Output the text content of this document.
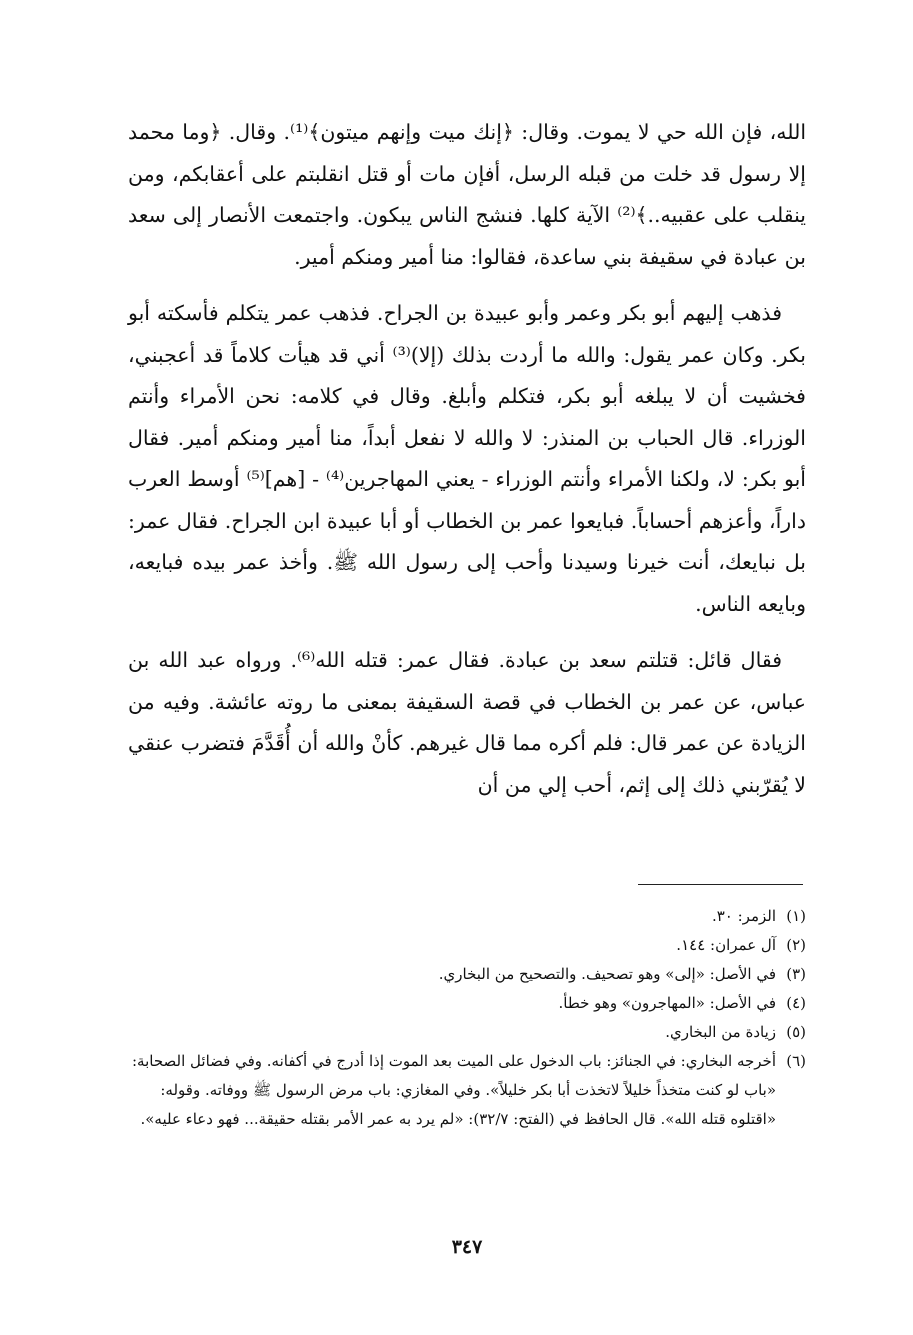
الله، فإن الله حي لا يموت. وقال: ﴿إنك ميت وإنهم ميتون﴾⁽¹⁾. وقال. ﴿وما محمد إلا رسول قد خلت من قبله الرسل، أفإن مات أو قتل انقلبتم على أعقابكم، ومن ينقلب على عقبيه..﴾⁽²⁾ الآية كلها. فنشج الناس يبكون. واجتمعت الأنصار إلى سعد بن عبادة في سقيفة بني ساعدة، فقالوا: منا أمير ومنكم أمير.

فذهب إليهم أبو بكر وعمر وأبو عبيدة بن الجراح. فذهب عمر يتكلم فأسكته أبو بكر. وكان عمر يقول: والله ما أردت بذلك (إلا)⁽³⁾ أني قد هيأت كلاماً قد أعجبني، فخشيت أن لا يبلغه أبو بكر، فتكلم وأبلغ. وقال في كلامه: نحن الأمراء وأنتم الوزراء. قال الحباب بن المنذر: لا والله لا نفعل أبداً، منا أمير ومنكم أمير. فقال أبو بكر: لا، ولكنا الأمراء وأنتم الوزراء - يعني المهاجرين⁽⁴⁾ - [هم]⁽⁵⁾ أوسط العرب داراً، وأعزهم أحساباً. فبايعوا عمر بن الخطاب أو أبا عبيدة ابن الجراح. فقال عمر: بل نبايعك، أنت خيرنا وسيدنا وأحب إلى رسول الله ﷺ. وأخذ عمر بيده فبايعه، وبايعه الناس.

فقال قائل: قتلتم سعد بن عبادة. فقال عمر: قتله الله⁽⁶⁾. ورواه عبد الله بن عباس، عن عمر بن الخطاب في قصة السقيفة بمعنى ما روته عائشة. وفيه من الزيادة عن عمر قال: فلم أكره مما قال غيرهم. كأنْ والله أن أُقَدَّمَ فتضرب عنقي لا يُقرّبني ذلك إلى إثم، أحب إلي من أن

(١)
الزمر: ٣٠.
(٢)
آل عمران: ١٤٤.
(٣)
في الأصل: «إلى» وهو تصحيف. والتصحيح من البخاري.
(٤)
في الأصل: «المهاجرون» وهو خطأ.
(٥)
زيادة من البخاري.
(٦)
أخرجه البخاري: في الجنائز: باب الدخول على الميت بعد الموت إذا أدرج في أكفانه. وفي فضائل الصحابة: «باب لو كنت متخذاً خليلاً لاتخذت أبا بكر خليلاً». وفي المغازي: باب مرض الرسول ﷺ ووفاته. وقوله: «اقتلوه قتله الله». قال الحافظ في (الفتح: ٣٢/٧): «لم يرد به عمر الأمر بقتله حقيقة... فهو دعاء عليه».
٣٤٧
